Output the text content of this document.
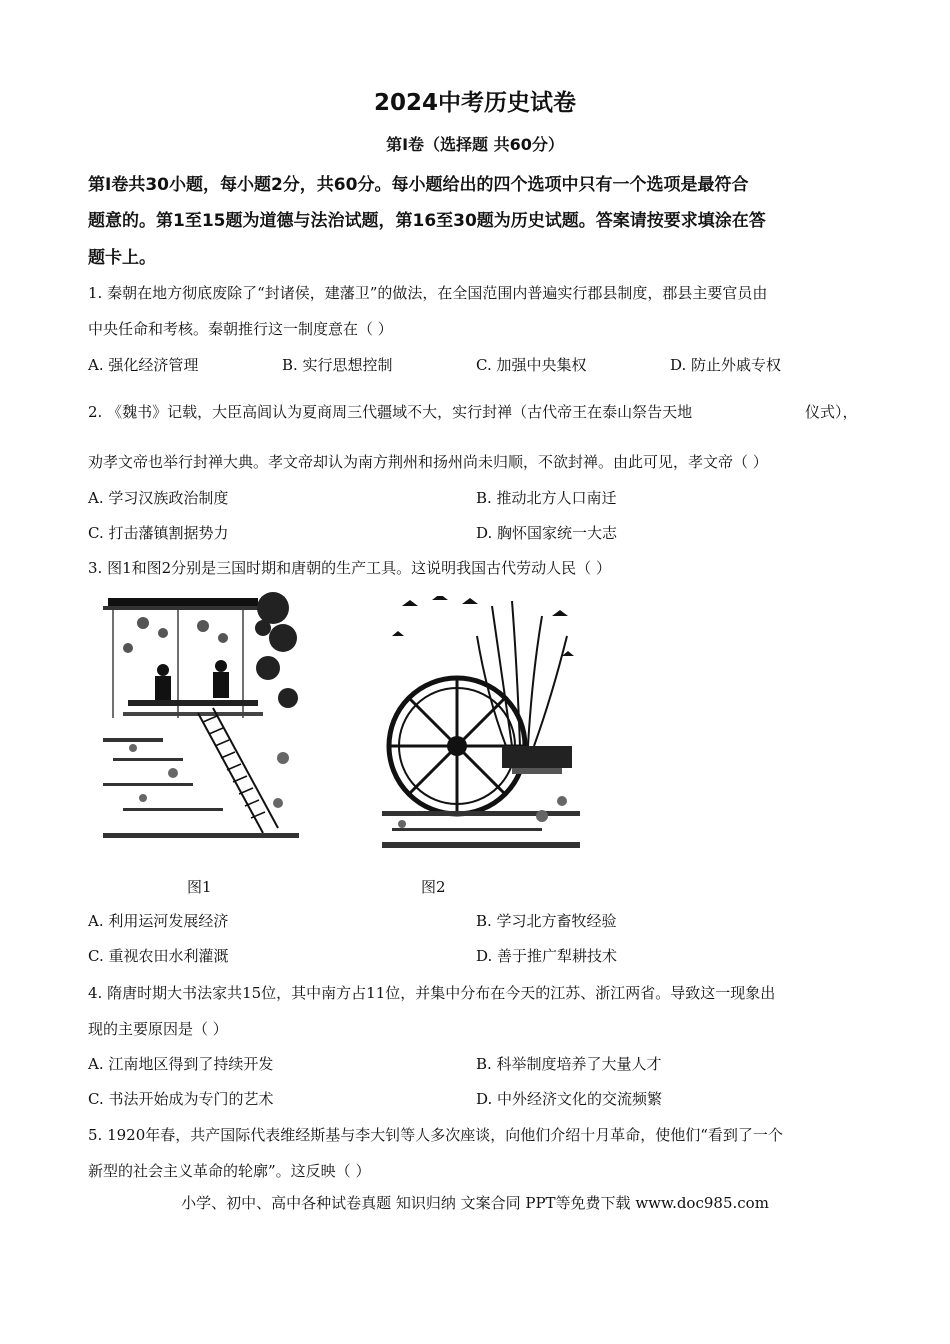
2024中考历史试卷
第Ⅰ卷（选择题 共60分）
第Ⅰ卷共30小题，每小题2分，共60分。每小题给出的四个选项中只有一个选项是最符合
题意的。第1至15题为道德与法治试题，第16至30题为历史试题。答案请按要求填涂在答
题卡上。
1. 秦朝在地方彻底废除了“封诸侯，建藩卫”的做法，在全国范围内普遍实行郡县制度，郡县主要官员由
中央任命和考核。秦朝推行这一制度意在（ ）
A. 强化经济管理	B. 实行思想控制	C. 加强中央集权	D. 防止外戚专权
2. 《魏书》记载，大臣高闾认为夏商周三代疆域不大，实行封禅（古代帝王在泰山祭告天地	仪式），
劝孝文帝也举行封禅大典。孝文帝却认为南方荆州和扬州尚未归顺，不欲封禅。由此可见，孝文帝（ ）
A. 学习汉族政治制度	B. 推动北方人口南迁
C. 打击藩镇割据势力	D. 胸怀国家统一大志
3. 图1和图2分别是三国时期和唐朝的生产工具。这说明我国古代劳动人民（ ）
图1	图2
A. 利用运河发展经济	B. 学习北方畜牧经验
C. 重视农田水利灌溉	D. 善于推广犁耕技术
4. 隋唐时期大书法家共15位，其中南方占11位，并集中分布在今天的江苏、浙江两省。导致这一现象出
现的主要原因是（ ）
A. 江南地区得到了持续开发	B. 科举制度培养了大量人才
C. 书法开始成为专门的艺术	D. 中外经济文化的交流频繁
5. 1920年春，共产国际代表维经斯基与李大钊等人多次座谈，向他们介绍十月革命，使他们“看到了一个
新型的社会主义革命的轮廓”。这反映（ ）
小学、初中、高中各种试卷真题 知识归纳 文案合同 PPT等免费下载 www.doc985.com
